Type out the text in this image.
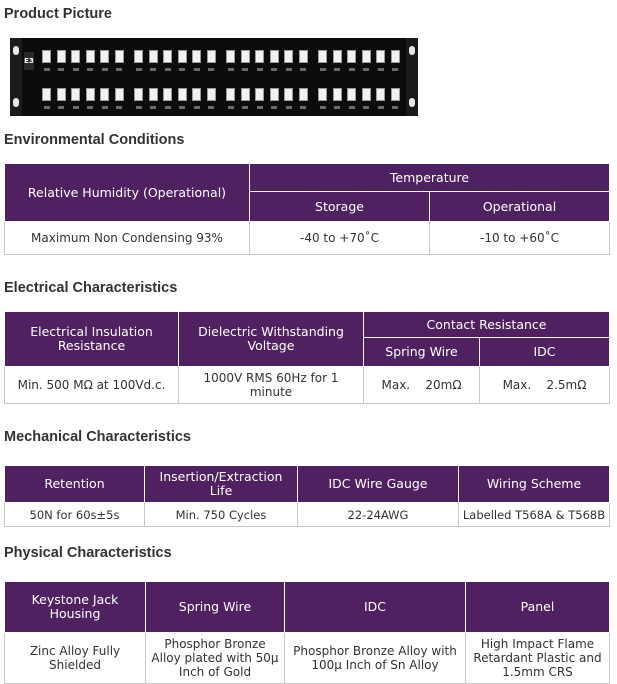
Product Picture
E3
Environmental Conditions
Relative Humidity (Operational)	Temperature	
	Storage	Operational
Maximum Non Condensing 93%	-40 to +70˚C	-10 to +60˚C
Electrical Characteristics
Electrical Insulation Resistance	Dielectric Withstanding Voltage	Contact Resistance	
		Spring Wire	IDC
Min. 500 MΩ at 100Vd.c.	1000V RMS 60Hz for 1 minute	Max.    20mΩ	Max.    2.5mΩ
Mechanical Characteristics
Retention	Insertion/Extraction Life	IDC Wire Gauge	Wiring Scheme
50N for 60s±5s	Min. 750 Cycles	22-24AWG	Labelled T568A & T568B
Physical Characteristics
Keystone Jack Housing	Spring Wire	IDC	Panel
Zinc Alloy Fully Shielded	Phosphor Bronze Alloy plated with 50µ Inch of Gold	Phosphor Bronze Alloy with 100µ Inch of Sn Alloy	High Impact Flame Retardant Plastic and 1.5mm CRS
